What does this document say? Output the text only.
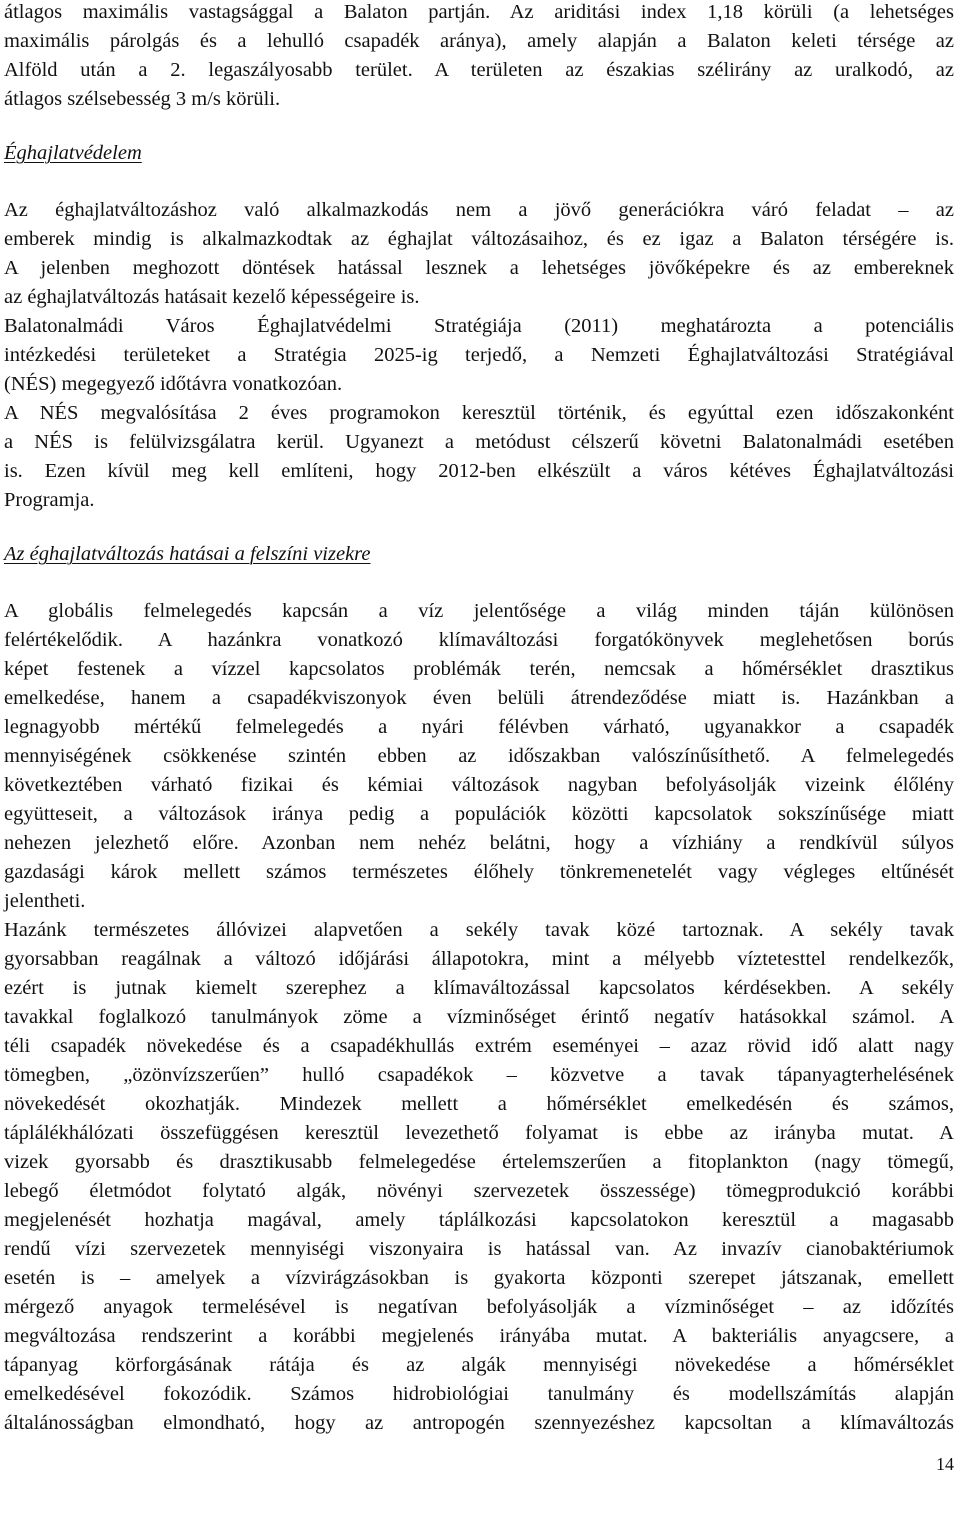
átlagos maximális vastagsággal a Balaton partján. Az ariditási index 1,18 körüli (a lehetséges
maximális párolgás és a lehulló csapadék aránya), amely alapján a Balaton keleti térsége az
Alföld után a 2. legaszályosabb terület. A területen az északias szélirány az uralkodó, az
átlagos szélsebesség 3 m/s körüli.
Éghajlatvédelem
Az éghajlatváltozáshoz való alkalmazkodás nem a jövő generációkra váró feladat – az
emberek mindig is alkalmazkodtak az éghajlat változásaihoz, és ez igaz a Balaton térségére is.
A jelenben meghozott döntések hatással lesznek a lehetséges jövőképekre és az embereknek
az éghajlatváltozás hatásait kezelő képességeire is.
Balatonalmádi Város Éghajlatvédelmi Stratégiája (2011) meghatározta a potenciális
intézkedési területeket a Stratégia 2025-ig terjedő, a Nemzeti Éghajlatváltozási Stratégiával
(NÉS) megegyező időtávra vonatkozóan.
A NÉS megvalósítása 2 éves programokon keresztül történik, és egyúttal ezen időszakonként
a NÉS is felülvizsgálatra kerül. Ugyanezt a metódust célszerű követni Balatonalmádi esetében
is. Ezen kívül meg kell említeni, hogy 2012-ben elkészült a város kétéves Éghajlatváltozási
Programja.
Az éghajlatváltozás hatásai a felszíni vizekre
A globális felmelegedés kapcsán a víz jelentősége a világ minden táján különösen
felértékelődik. A hazánkra vonatkozó klímaváltozási forgatókönyvek meglehetősen borús
képet festenek a vízzel kapcsolatos problémák terén, nemcsak a hőmérséklet drasztikus
emelkedése, hanem a csapadékviszonyok éven belüli átrendeződése miatt is. Hazánkban a
legnagyobb mértékű felmelegedés a nyári félévben várható, ugyanakkor a csapadék
mennyiségének csökkenése szintén ebben az időszakban valószínűsíthető. A felmelegedés
következtében várható fizikai és kémiai változások nagyban befolyásolják vizeink élőlény
együtteseit, a változások iránya pedig a populációk közötti kapcsolatok sokszínűsége miatt
nehezen jelezhető előre. Azonban nem nehéz belátni, hogy a vízhiány a rendkívül súlyos
gazdasági károk mellett számos természetes élőhely tönkremenetelét vagy végleges eltűnését
jelentheti.
Hazánk természetes állóvizei alapvetően a sekély tavak közé tartoznak. A sekély tavak
gyorsabban reagálnak a változó időjárási állapotokra, mint a mélyebb víztetesttel rendelkezők,
ezért is jutnak kiemelt szerephez a klímaváltozással kapcsolatos kérdésekben. A sekély
tavakkal foglalkozó tanulmányok zöme a vízminőséget érintő negatív hatásokkal számol. A
téli csapadék növekedése és a csapadékhullás extrém eseményei – azaz rövid idő alatt nagy
tömegben, „özönvízszerűen” hulló csapadékok – közvetve a tavak tápanyagterhelésének
növekedését okozhatják. Mindezek mellett a hőmérséklet emelkedésén és számos,
táplálékhálózati összefüggésen keresztül levezethető folyamat is ebbe az irányba mutat. A
vizek gyorsabb és drasztikusabb felmelegedése értelemszerűen a fitoplankton (nagy tömegű,
lebegő életmódot folytató algák, növényi szervezetek összessége) tömegprodukció korábbi
megjelenését hozhatja magával, amely táplálkozási kapcsolatokon keresztül a magasabb
rendű vízi szervezetek mennyiségi viszonyaira is hatással van. Az invazív cianobaktériumok
esetén is – amelyek a vízvirágzásokban is gyakorta központi szerepet játszanak, emellett
mérgező anyagok termelésével is negatívan befolyásolják a vízminőséget – az időzítés
megváltozása rendszerint a korábbi megjelenés irányába mutat. A bakteriális anyagcsere, a
tápanyag körforgásának rátája és az algák mennyiségi növekedése a hőmérséklet
emelkedésével fokozódik. Számos hidrobiológiai tanulmány és modellszámítás alapján
általánosságban elmondható, hogy az antropogén szennyezéshez kapcsoltan a klímaváltozás
14
